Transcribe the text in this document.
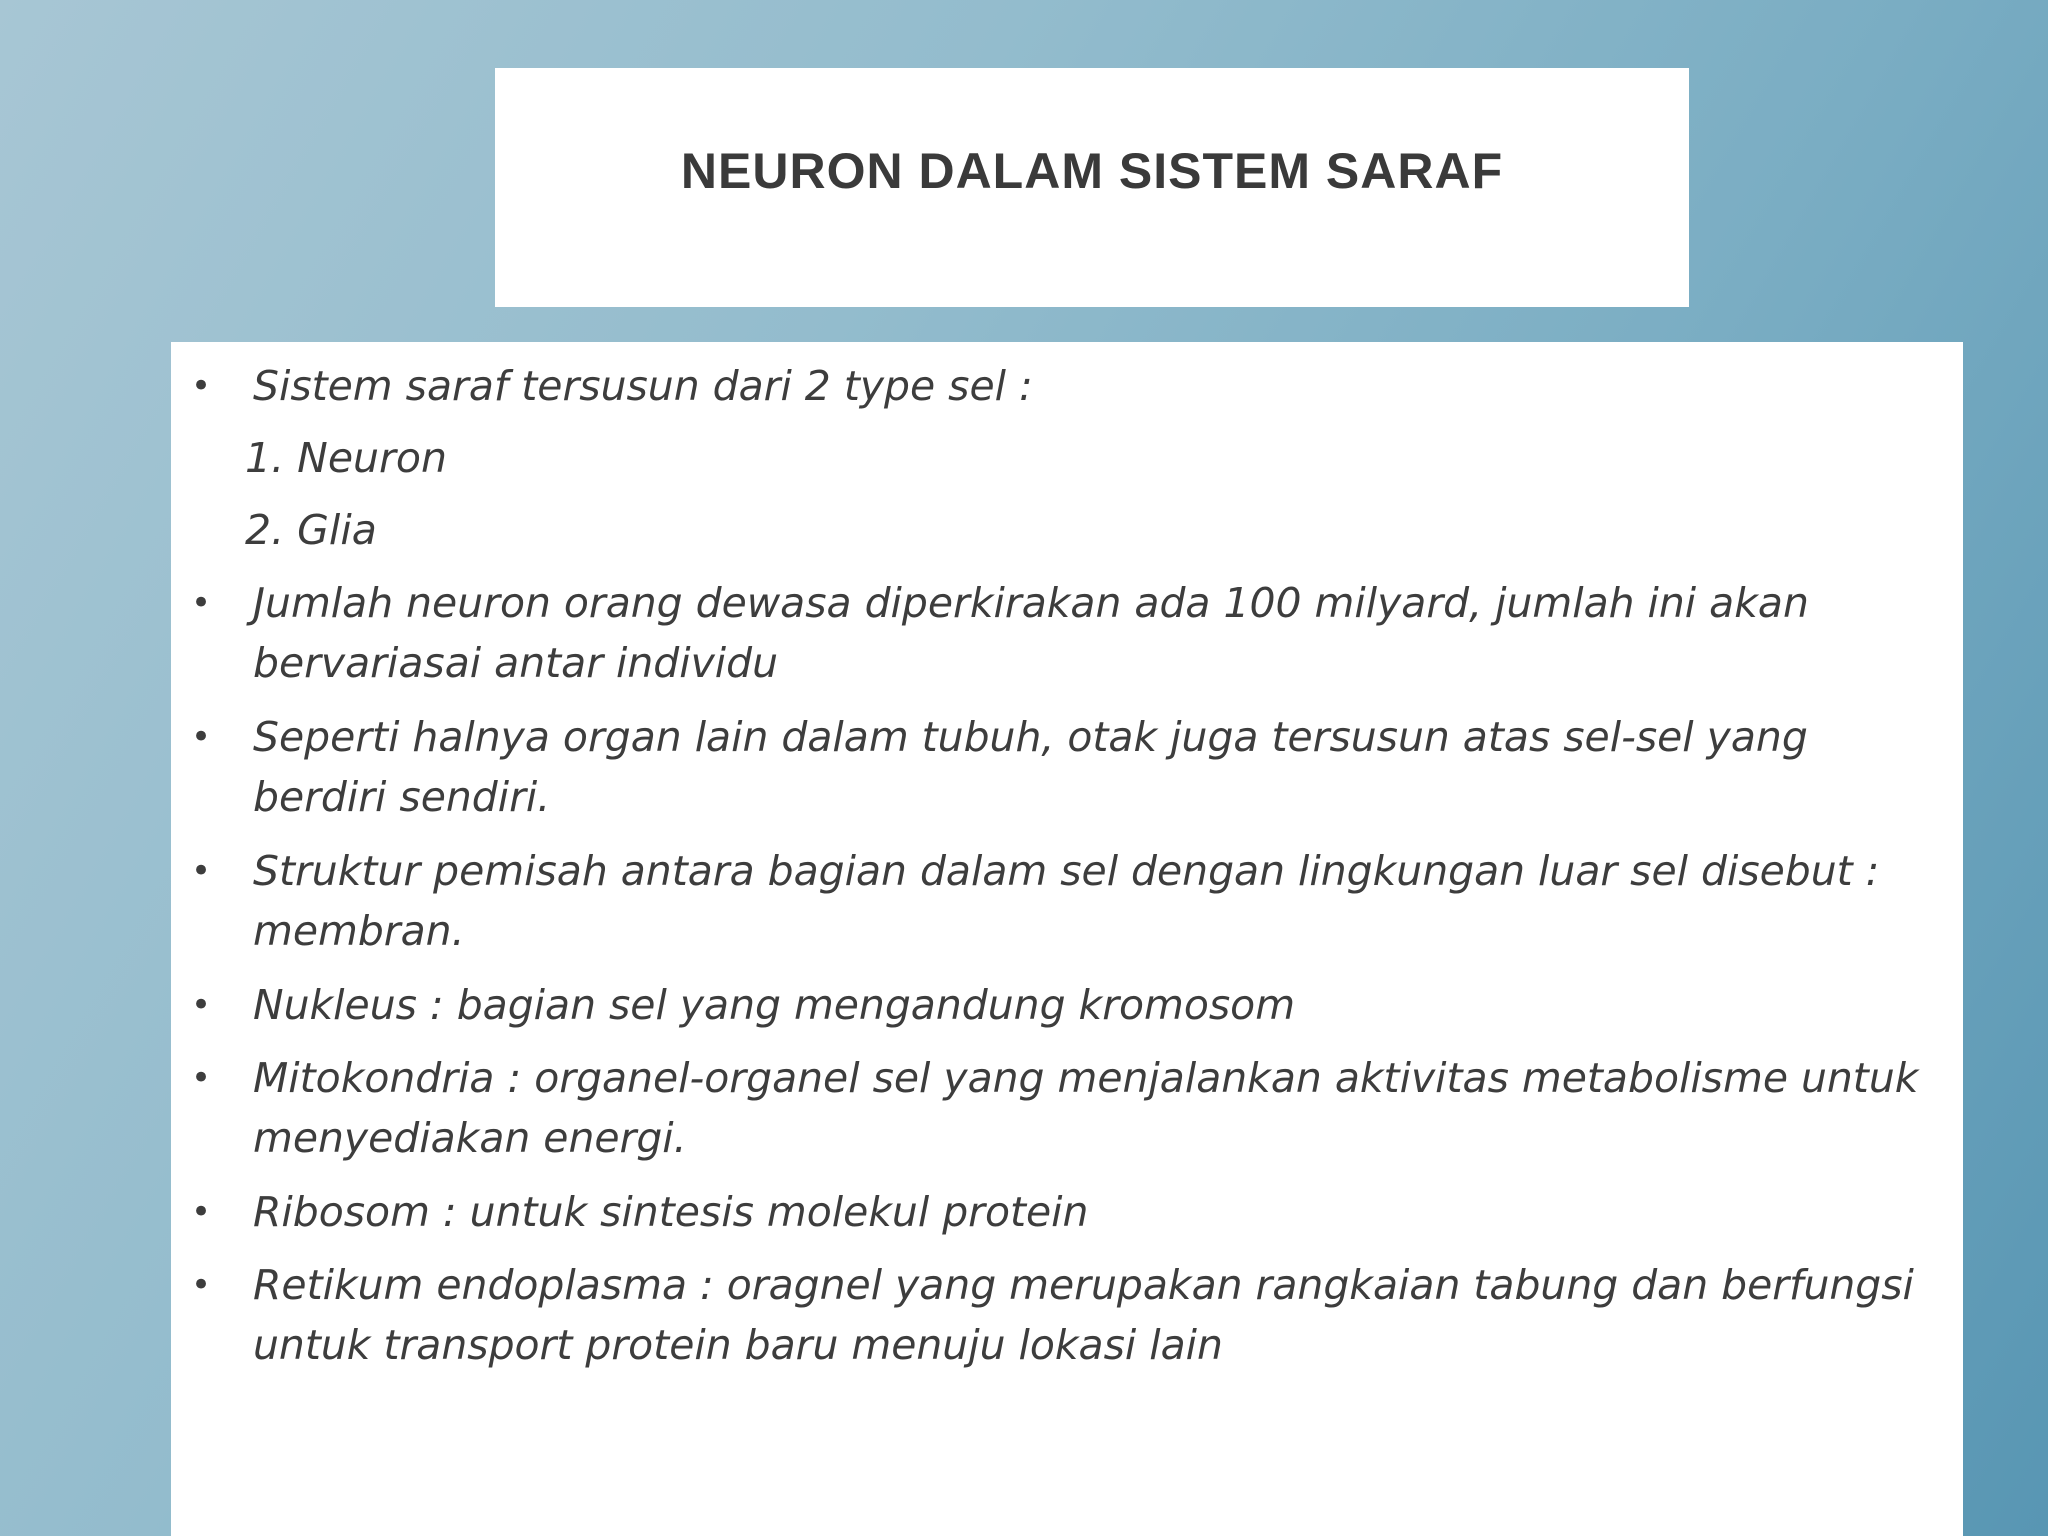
NEURON DALAM SISTEM SARAF
• Sistem saraf tersusun dari 2 type sel :
1. Neuron
2. Glia
• Jumlah neuron orang dewasa diperkirakan ada 100 milyard, jumlah ini akan
bervariasai antar individu
• Seperti halnya organ lain dalam tubuh, otak juga tersusun atas sel-sel yang
berdiri sendiri.
• Struktur pemisah antara bagian dalam sel dengan lingkungan luar sel disebut :
membran.
• Nukleus : bagian sel yang mengandung kromosom
• Mitokondria : organel-organel sel yang menjalankan aktivitas metabolisme untuk
menyediakan energi.
• Ribosom : untuk sintesis molekul protein
• Retikum endoplasma : oragnel yang merupakan rangkaian tabung dan berfungsi
untuk transport protein baru menuju lokasi lain
